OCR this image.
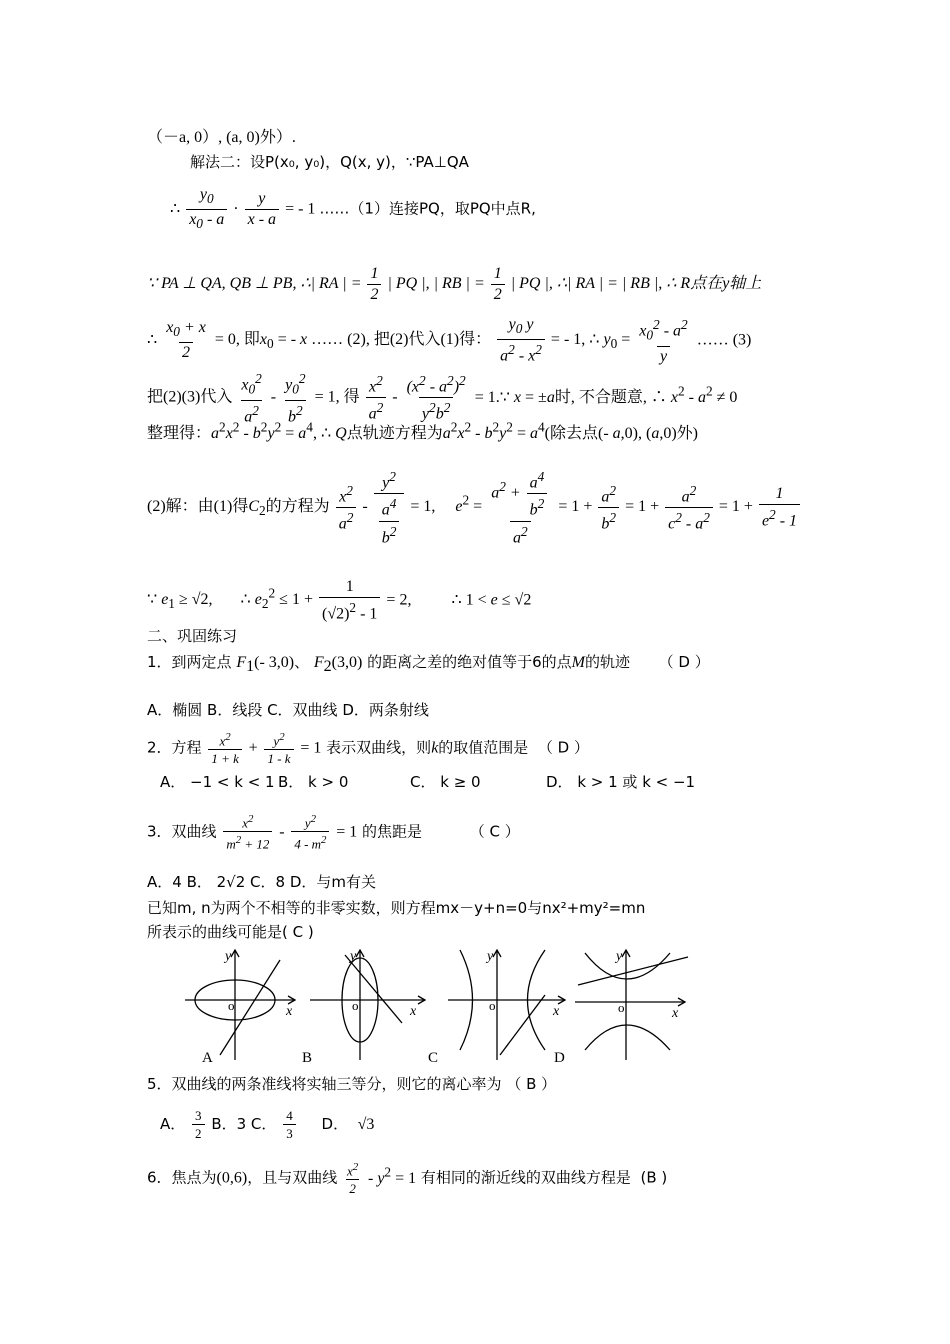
（－a, 0）, (a, 0)外）.
解法二：设P(x₀, y₀)，Q(x, y)，∵PA⊥QA
∴ $\frac{y_0}{x_0 - a} \cdot \frac{y}{x - a}$ = - 1 ……（1）连接PQ，取PQ中点R,
∵ PA ⊥ QA, QB ⊥ PB, ∴| RA | = $\frac{1}{2}$ | PQ |, | RB | = $\frac{1}{2}$ | PQ |, ∴| RA | = | RB |, ∴ R点在y轴上
∴ $\frac{x_0 + x}{2} = 0$, 即$x_0$ = - x …… (2), 把(2)代入(1)得： $\frac{y_0 y}{a^2 - x^2}$ = - 1, ∴ $y_0 = \frac{x_0^2 - a^2}{y}$ …… (3)
把(2)(3)代入 $\frac{x_0^2}{a^2} - \frac{y_0^2}{b^2} = 1$, 得 $\frac{x^2}{a^2} - \frac{(x^2 - a^2)^2}{y^2b^2}$ = 1.∵ x = ±a时, 不合题意, ∴ $x^2 - a^2 \ne 0$
整理得：$a^2x^2 - b^2y^2 = a^4$, ∴ Q点轨迹方程为$a^2x^2 - b^2y^2 = a^4$(除去点(- a,0), (a,0)外)
(2)解：由(1)得$C_2$的方程为 $\frac{x^2}{a^2} - \frac{y^2}{\frac{a^4}{b^2}} = 1$,     $e^2 = \frac{a^2 + \frac{a^4}{b^2}}{a^2} = 1 + \frac{a^2}{b^2} = 1 + \frac{a^2}{c^2 - a^2} = 1 + \frac{1}{e^2 - 1}$
∵ $e_1 \ge √2$,       ∴ $e_2^2 \le 1 + \frac{1}{(√2)^2 - 1} = 2$,          ∴ 1 < e ≤ √2
二、巩固练习
1．到两定点 $F_1(-$ 3,0)、 $F_2(3,0)$ 的距离之差的绝对值等于6的点M的轨迹      （ D ）
A．椭圆 B．线段 C．双曲线 D．两条射线
2．方程 $\frac{x^2}{1 + k} + \frac{y^2}{1 - k} = 1$ 表示双曲线，则k的取值范围是  （ D ）
A． −1 < k < 1 B． k > 0	C． k ≥ 0	D． k > 1 或 k < −1
3．双曲线 $\frac{x^2}{m^2 + 12} - \frac{y^2}{4 - m^2} = 1$ 的焦距是          （ C ）
A．4 B． 2√2 C．8 D．与m有关
已知m, n为两个不相等的非零实数，则方程mx－y+n=0与nx²+my²=mn
所表示的曲线可能是( C )
o	x
y
o	x
y
o	x
y
o	x
y
A	B	C	D
5．双曲线的两条准线将实轴三等分，则它的离心率为 （ B ）
A． $\frac{3}{2}$ B．3 C． $\frac{4}{3}$ D．  √3
6．焦点为(0,6)，且与双曲线 $\frac{x^2}{2} - y^2 = 1$ 有相同的渐近线的双曲线方程是  (B )
